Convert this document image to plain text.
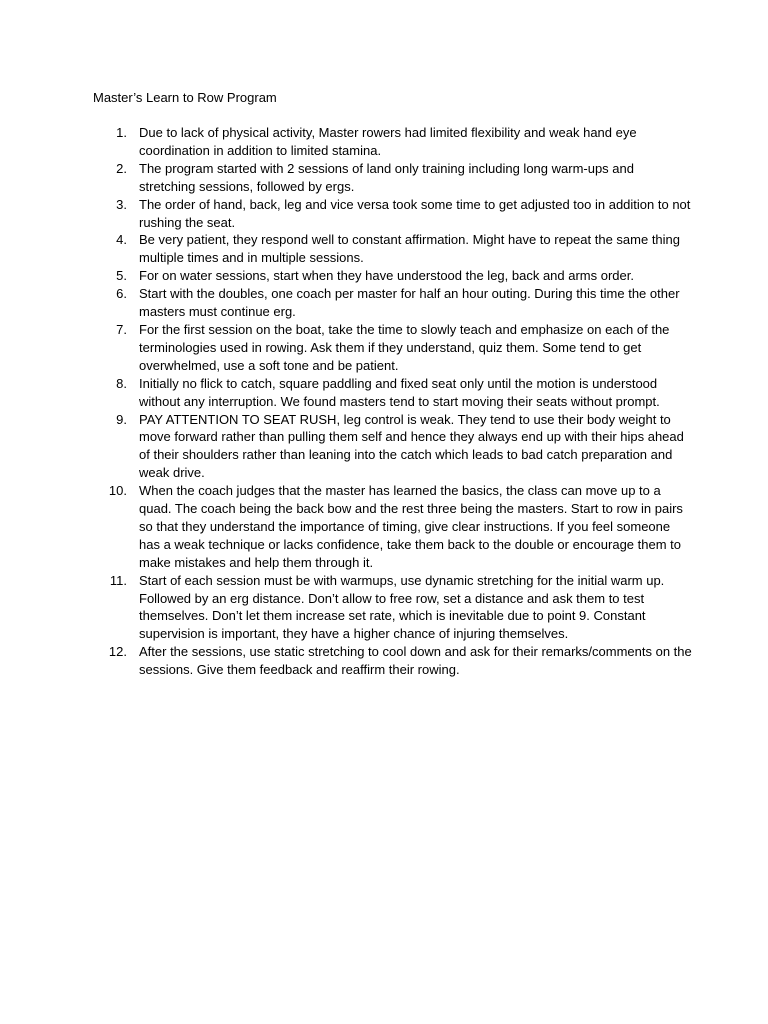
Master’s Learn to Row Program
1. Due to lack of physical activity, Master rowers had limited flexibility and weak hand eye coordination in addition to limited stamina.
2. The program started with 2 sessions of land only training including long warm-ups and stretching sessions, followed by ergs.
3. The order of hand, back, leg and vice versa took some time to get adjusted too in addition to not rushing the seat.
4. Be very patient, they respond well to constant affirmation. Might have to repeat the same thing multiple times and in multiple sessions.
5. For on water sessions, start when they have understood the leg, back and arms order.
6. Start with the doubles, one coach per master for half an hour outing. During this time the other masters must continue erg.
7. For the first session on the boat, take the time to slowly teach and emphasize on each of the terminologies used in rowing. Ask them if they understand, quiz them. Some tend to get overwhelmed, use a soft tone and be patient.
8. Initially no flick to catch, square paddling and fixed seat only until the motion is understood without any interruption. We found masters tend to start moving their seats without prompt.
9. PAY ATTENTION TO SEAT RUSH, leg control is weak. They tend to use their body weight to move forward rather than pulling them self and hence they always end up with their hips ahead of their shoulders rather than leaning into the catch which leads to bad catch preparation and weak drive.
10. When the coach judges that the master has learned the basics, the class can move up to a quad. The coach being the back bow and the rest three being the masters. Start to row in pairs so that they understand the importance of timing, give clear instructions. If you feel someone has a weak technique or lacks confidence, take them back to the double or encourage them to make mistakes and help them through it.
11. Start of each session must be with warmups, use dynamic stretching for the initial warm up. Followed by an erg distance. Don’t allow to free row, set a distance and ask them to test themselves. Don’t let them increase set rate, which is inevitable due to point 9. Constant supervision is important, they have a higher chance of injuring themselves.
12. After the sessions, use static stretching to cool down and ask for their remarks/comments on the sessions. Give them feedback and reaffirm their rowing.
